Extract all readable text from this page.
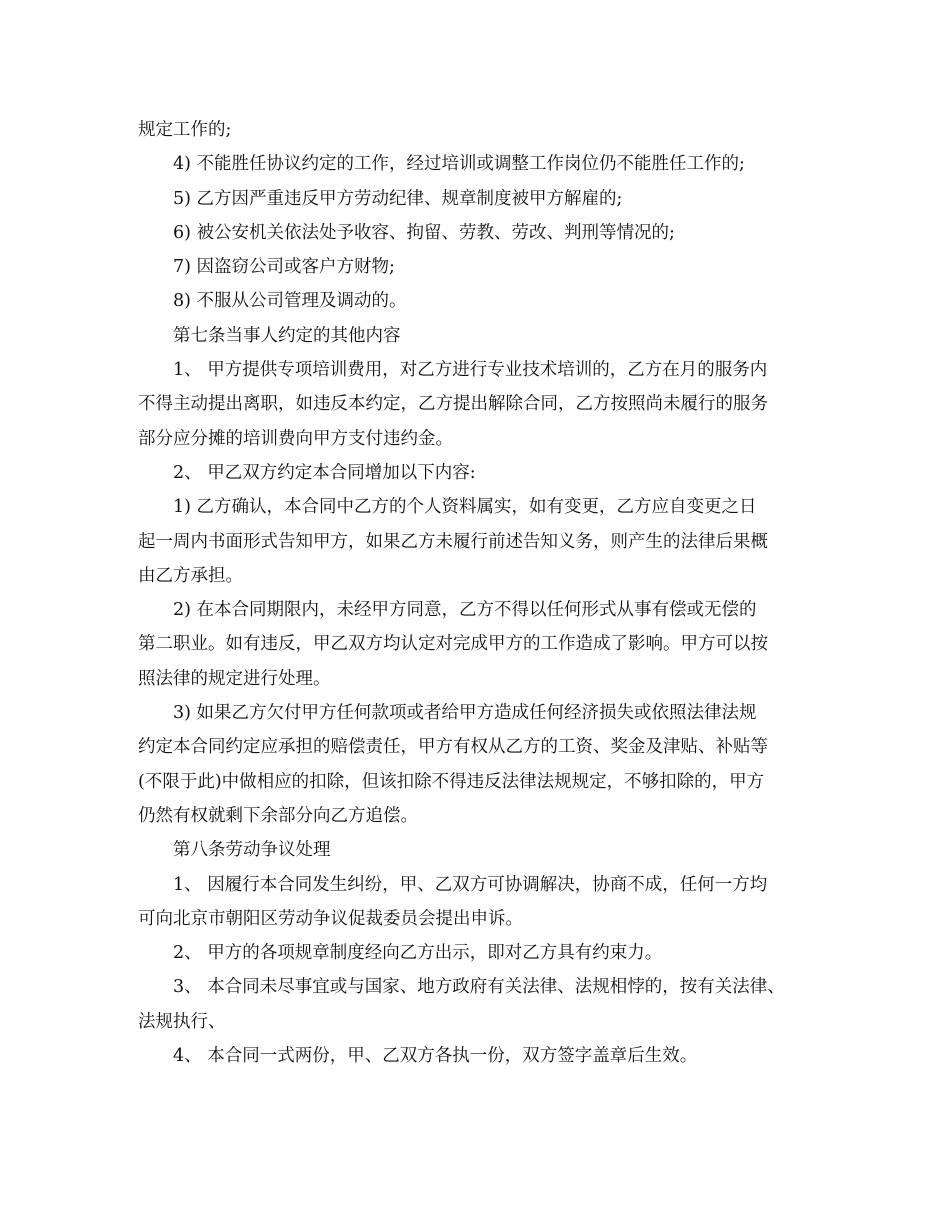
规定工作的;

4) 不能胜任协议约定的工作，经过培训或调整工作岗位仍不能胜任工作的;

5) 乙方因严重违反甲方劳动纪律、规章制度被甲方解雇的;

6) 被公安机关依法处予收容、拘留、劳教、劳改、判刑等情况的;

7) 因盗窃公司或客户方财物;

8) 不服从公司管理及调动的。

第七条当事人约定的其他内容

1、 甲方提供专项培训费用，对乙方进行专业技术培训的，乙方在月的服务内
不得主动提出离职，如违反本约定，乙方提出解除合同，乙方按照尚未履行的服务
部分应分摊的培训费向甲方支付违约金。

2、 甲乙双方约定本合同增加以下内容:

1) 乙方确认，本合同中乙方的个人资料属实，如有变更，乙方应自变更之日
起一周内书面形式告知甲方，如果乙方未履行前述告知义务，则产生的法律后果概
由乙方承担。

2) 在本合同期限内，未经甲方同意，乙方不得以任何形式从事有偿或无偿的
第二职业。如有违反，甲乙双方均认定对完成甲方的工作造成了影响。甲方可以按
照法律的规定进行处理。

3) 如果乙方欠付甲方任何款项或者给甲方造成任何经济损失或依照法律法规
约定本合同约定应承担的赔偿责任，甲方有权从乙方的工资、奖金及津贴、补贴等
(不限于此)中做相应的扣除，但该扣除不得违反法律法规规定，不够扣除的，甲方
仍然有权就剩下余部分向乙方追偿。

第八条劳动争议处理

1、 因履行本合同发生纠纷，甲、乙双方可协调解决，协商不成，任何一方均
可向北京市朝阳区劳动争议促裁委员会提出申诉。

2、 甲方的各项规章制度经向乙方出示，即对乙方具有约束力。

3、 本合同未尽事宜或与国家、地方政府有关法律、法规相悖的，按有关法律、
法规执行、

4、 本合同一式两份，甲、乙双方各执一份，双方签字盖章后生效。
